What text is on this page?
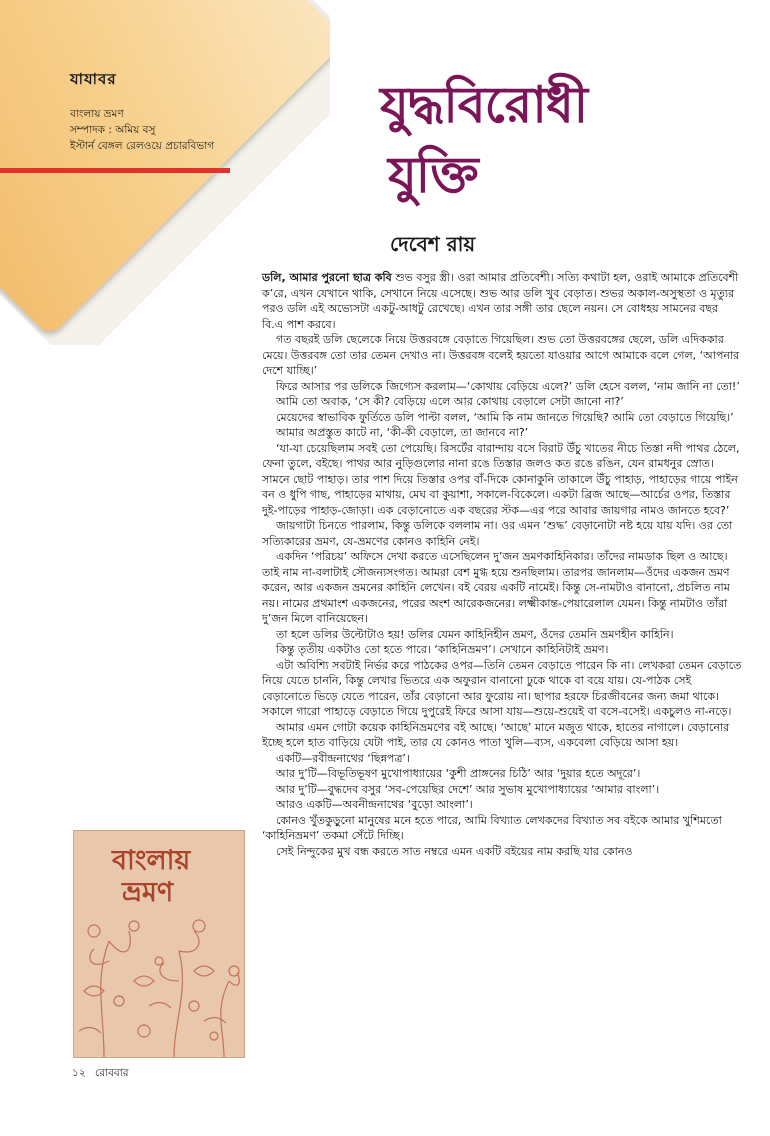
যাযাবর
বাংলায় ভ্রমণ
সম্পাদক : অমিয় বসু
ইস্টার্ন বেঙ্গল রেলওয়ে প্রচারবিভাগ
যুদ্ধবিরোধী
যুক্তি
দেবেশ রায়

ডলি, আমার পুরনো ছাত্র কবি শুভ বসুর স্ত্রী। ওরা আমার প্রতিবেশী। সত্যি কথাটা হল, ওরাই আমাকে প্রতিবেশী ক’রে, এখন যেখানে থাকি, সেখানে নিয়ে এসেছে। শুভ আর ডলি খুব বেড়াত। শুভর অকাল-অসুস্থতা ও মৃত্যুর পরও ডলি এই অভ্যেসটা একটু-আধটু রেখেছে। এখন তার সঙ্গী তার ছেলে নয়ন। সে বোধহয় সামনের বছর বি.এ পাশ করবে।

গত বছরই ডলি ছেলেকে নিয়ে উত্তরবঙ্গে বেড়াতে গিয়েছিল। শুভ তো উত্তরবঙ্গের ছেলে, ডলি এদিককার মেয়ে। উত্তরবঙ্গ তো তার তেমন দেখাও না। উত্তরবঙ্গ বলেই হয়তো যাওয়ার আগে আমাকে বলে গেল, ‘আপনার দেশে যাচ্ছি।’

ফিরে আসার পর ডলিকে জিগ্যেস করলাম—‘কোথায় বেড়িয়ে এলে?’ ডলি হেসে বলল, ‘নাম জানি না তো!’

আমি তো অবাক, ‘সে কী? বেড়িয়ে এলে আর কোথায় বেড়ালে সেটা জানো না?’

মেয়েদের স্বাভাবিক ফুর্তিতে ডলি পাল্টা বলল, ‘আমি কি নাম জানতে গিয়েছি? আমি তো বেড়াতে গিয়েছি।’

আমার অপ্রস্তুত কাটে না, ‘কী-কী বেড়ালে, তা জানবে না?’

‘যা-যা চেয়েছিলাম সবই তো পেয়েছি। রিসর্টের বারান্দায় বসে বিরাট উঁচু খাতের নীচে তিস্তা নদী পাথর ঠেলে, ফেনা তুলে, বইছে। পাথর আর নুড়িগুলোর নানা রঙে তিস্তার জলও কত রঙে রঙিন, যেন রামধনুর স্রোত। সামনে ছোট পাহাড়। তার পাশ দিয়ে তিস্তার ওপর বাঁ-দিকে কোনাকুনি তাকালে উঁচু পাহাড়, পাহাড়ের গায়ে পাইন বন ও ধুপি গাছ, পাহাড়ের মাথায়, মেঘ বা কুয়াশা, সকালে-বিকেলে। একটা ব্রিজ আছে—আর্চের ওপর, তিস্তার দুই-পাড়ের পাহাড়-জোড়া। এক বেড়ানোতে এক বছরের স্টক—এর পরে আবার জায়গার নামও জানতে হবে?’

জায়গাটা চিনতে পারলাম, কিন্তু ডলিকে বললাম না। ওর এমন ‘শুদ্ধ’ বেড়ানোটা নষ্ট হয়ে যায় যদি। ওর তো সত্যিকারের ভ্রমণ, যে-ভ্রমণের কোনও কাহিনি নেই।

একদিন ‘পরিচয়’ অফিসে দেখা করতে এসেছিলেন দু’জন ভ্রমণকাহিনিকার। তাঁদের নামডাক ছিল ও আছে। তাই নাম না-বলাটাই সৌজন্যসংগত। আমরা বেশ মুগ্ধ হয়ে শুনছিলাম। তারপর জানলাম—ওঁদের একজন ভ্রমণ করেন, আর একজন ভ্রমনের কাহিনি লেখেন। বই বেরয় একটি নামেই। কিন্তু সে-নামটাও বানানো, প্রচলিত নাম নয়। নামের প্রথমাংশ একজনের, পরের অংশ আরেকজনের। লক্ষ্মীকান্ত-পেয়ারেলাল যেমন। কিন্তু নামটাও তাঁরা দু’জন মিলে বানিয়েছেন।

তা হলে ডলির উল্টোটাও হয়! ডলির যেমন কাহিনিহীন ভ্রমণ, ওঁদের তেমনি ভ্রমণহীন কাহিনি।

কিন্তু তৃতীয় একটাও তো হতে পারে। ‘কাহিনিভ্রমণ’। সেখানে কাহিনিটাই ভ্রমণ।

এটা অবিশ্যি সবটাই নির্ভর করে পাঠকের ওপর—তিনি তেমন বেড়াতে পারেন কি না। লেখকরা তেমন বেড়াতে নিয়ে যেতে চাননি, কিন্তু লেখার ভিতরে এক অফুরান বানানো ঢুকে থাকে বা বয়ে যায়। যে-পাঠক সেই বেড়ানোতে ভিড়ে যেতে পারেন, তাঁর বেড়ানো আর ফুরোয় না। ছাপার হরফে চিরজীবনের জন্য জমা থাকে। সকালে গারো পাহাড়ে বেড়াতে গিয়ে দুপুরেই ফিরে আসা যায়—শুয়ে-শুয়েই বা বসে-বসেই। একচুলও না-নড়ে।

আমার এমন গোটা কয়েক কাহিনিভ্রমণের বই আছে। ‘আছে’ মানে মজুত থাকে, হাতের নাগালে। বেড়ানোর ইচ্ছে হলে হাত বাড়িয়ে যেটা পাই, তার যে কোনও পাতা খুলি—ব্যস, একবেলা বেড়িয়ে আসা হয়।

একটি—রবীন্দ্রনাথের ‘ছিন্নপত্র’।

আর দু’টি—বিভূতিভূষণ মুখোপাধ্যায়ের ‘কুশী প্রাঙ্গনের চিঠি’ আর ‘দুয়ার হতে অদূরে’।

আর দু’টি—বুদ্ধদেব বসুর ‘সব-পেয়েছির দেশে’ আর সুভাষ মুখোপাধ্যায়ের ‘আমার বাংলা’।

আরও একটি—অবনীন্দ্রনাথের ‘বুড়ো আংলা’।

কোনও খুঁতকুড়ুনো মানুষের মনে হতে পারে, আমি বিখ্যাত লেখকদের বিখ্যাত সব বইকে আমার খুশিমতো ‘কাহিনিভ্রমণ’ তকমা সেঁটে দিচ্ছি।

সেই নিন্দুকের মুখ বন্ধ করতে সাত নম্বরে এমন একটি বইয়ের নাম করছি যার কোনও

বাংলায়
ভ্রমণ
১২ রোববার
